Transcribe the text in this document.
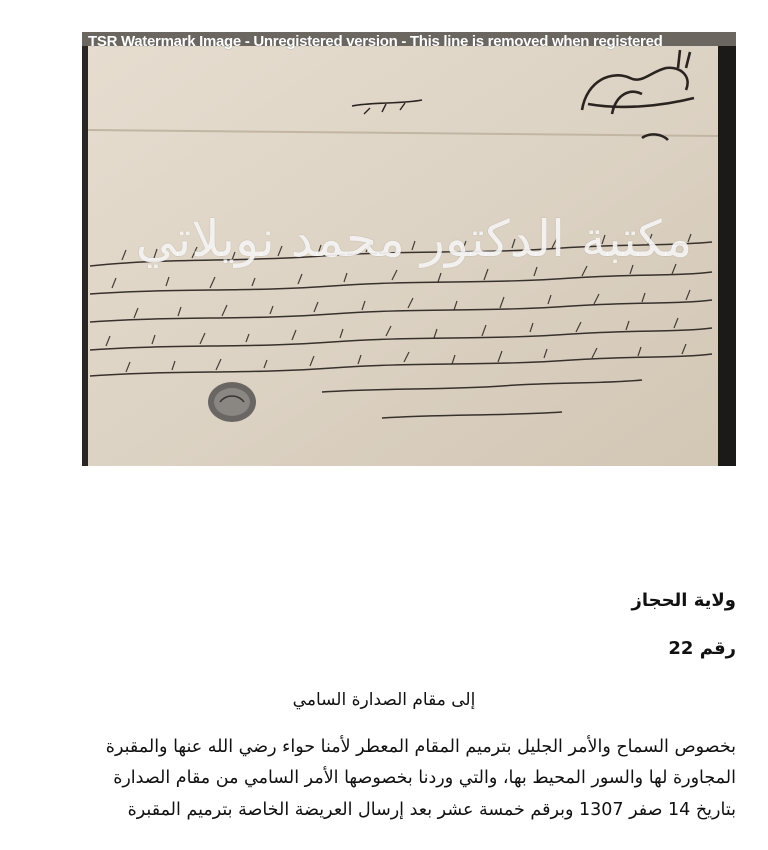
TSR Watermark Image - Unregistered version - This line is removed when registered
مكتبة الدكتور محمد نويلاتي
ولاية الحجاز
رقم 22
إلى مقام الصدارة السامي
بخصوص السماح والأمر الجليل بترميم المقام المعطر لأمنا حواء رضي الله عنها والمقبرة
المجاورة لها والسور المحيط بها، والتي وردنا بخصوصها الأمر السامي من مقام الصدارة
بتاريخ 14 صفر 1307 وبرقم خمسة عشر بعد إرسال العريضة الخاصة بترميم المقبرة
